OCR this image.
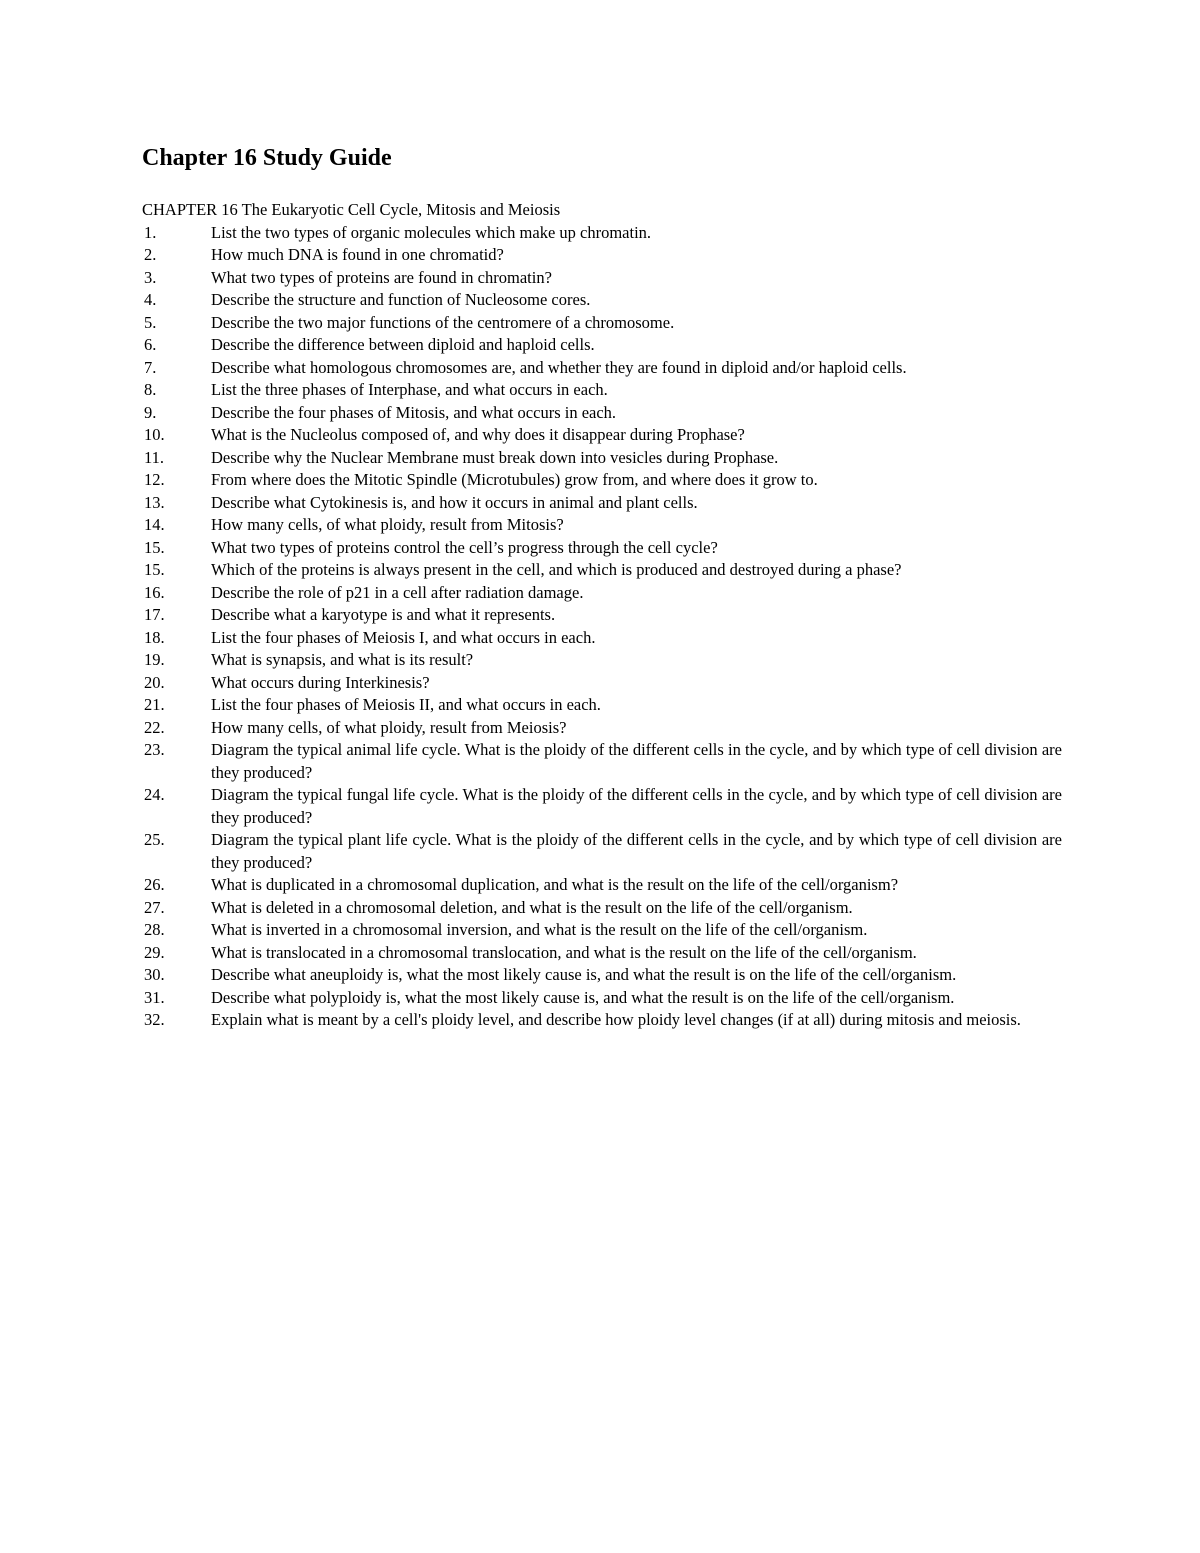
Chapter 16 Study Guide
CHAPTER 16 The Eukaryotic Cell Cycle, Mitosis and Meiosis
1.	List the two types of organic molecules which make up chromatin.
2.	How much DNA is found in one chromatid?
3.	What two types of proteins are found in chromatin?
4.	Describe the structure and function of Nucleosome cores.
5.	Describe the two major functions of the centromere of a chromosome.
6.	Describe the difference between diploid and haploid cells.
7.	Describe what homologous chromosomes are, and whether they are found in diploid and/or haploid cells.
8.	List the three phases of Interphase, and what occurs in each.
9.	Describe the four phases of Mitosis, and what occurs in each.
10.	What is the Nucleolus composed of, and why does it disappear during Prophase?
11.	Describe why the Nuclear Membrane must break down into vesicles during Prophase.
12.	From where does the Mitotic Spindle (Microtubules) grow from, and where does it grow to.
13.	Describe what Cytokinesis is, and how it occurs in animal and plant cells.
14.	How many cells, of what ploidy, result from Mitosis?
15.	What two types of proteins control the cell’s progress through the cell cycle?
15.	Which of the proteins is always present in the cell, and which is produced and destroyed during a phase?
16.	Describe the role of p21 in a cell after radiation damage.
17.	Describe what a karyotype is and what it represents.
18.	List the four phases of Meiosis I, and what occurs in each.
19.	What is synapsis, and what is its result?
20.	What occurs during Interkinesis?
21.	List the four phases of Meiosis II, and what occurs in each.
22.	How many cells, of what ploidy, result from Meiosis?
23.	Diagram the typical animal life cycle. What is the ploidy of the different cells in the cycle, and by which type of cell division are they produced?
24.	Diagram the typical fungal life cycle. What is the ploidy of the different cells in the cycle, and by which type of cell division are they produced?
25.	Diagram the typical plant life cycle. What is the ploidy of the different cells in the cycle, and by which type of cell division are they produced?
26.	What is duplicated in a chromosomal duplication, and what is the result on the life of the cell/organism?
27.	What is deleted in a chromosomal deletion, and what is the result on the life of the cell/organism.
28.	What is inverted in a chromosomal inversion, and what is the result on the life of the cell/organism.
29.	What is translocated in a chromosomal translocation, and what is the result on the life of the cell/organism.
30.	Describe what aneuploidy is, what the most likely cause is, and what the result is on the life of the cell/organism.
31.	Describe what polyploidy is, what the most likely cause is, and what the result is on the life of the cell/organism.
32.	Explain what is meant by a cell's ploidy level, and describe how ploidy level changes (if at all) during mitosis and meiosis.
